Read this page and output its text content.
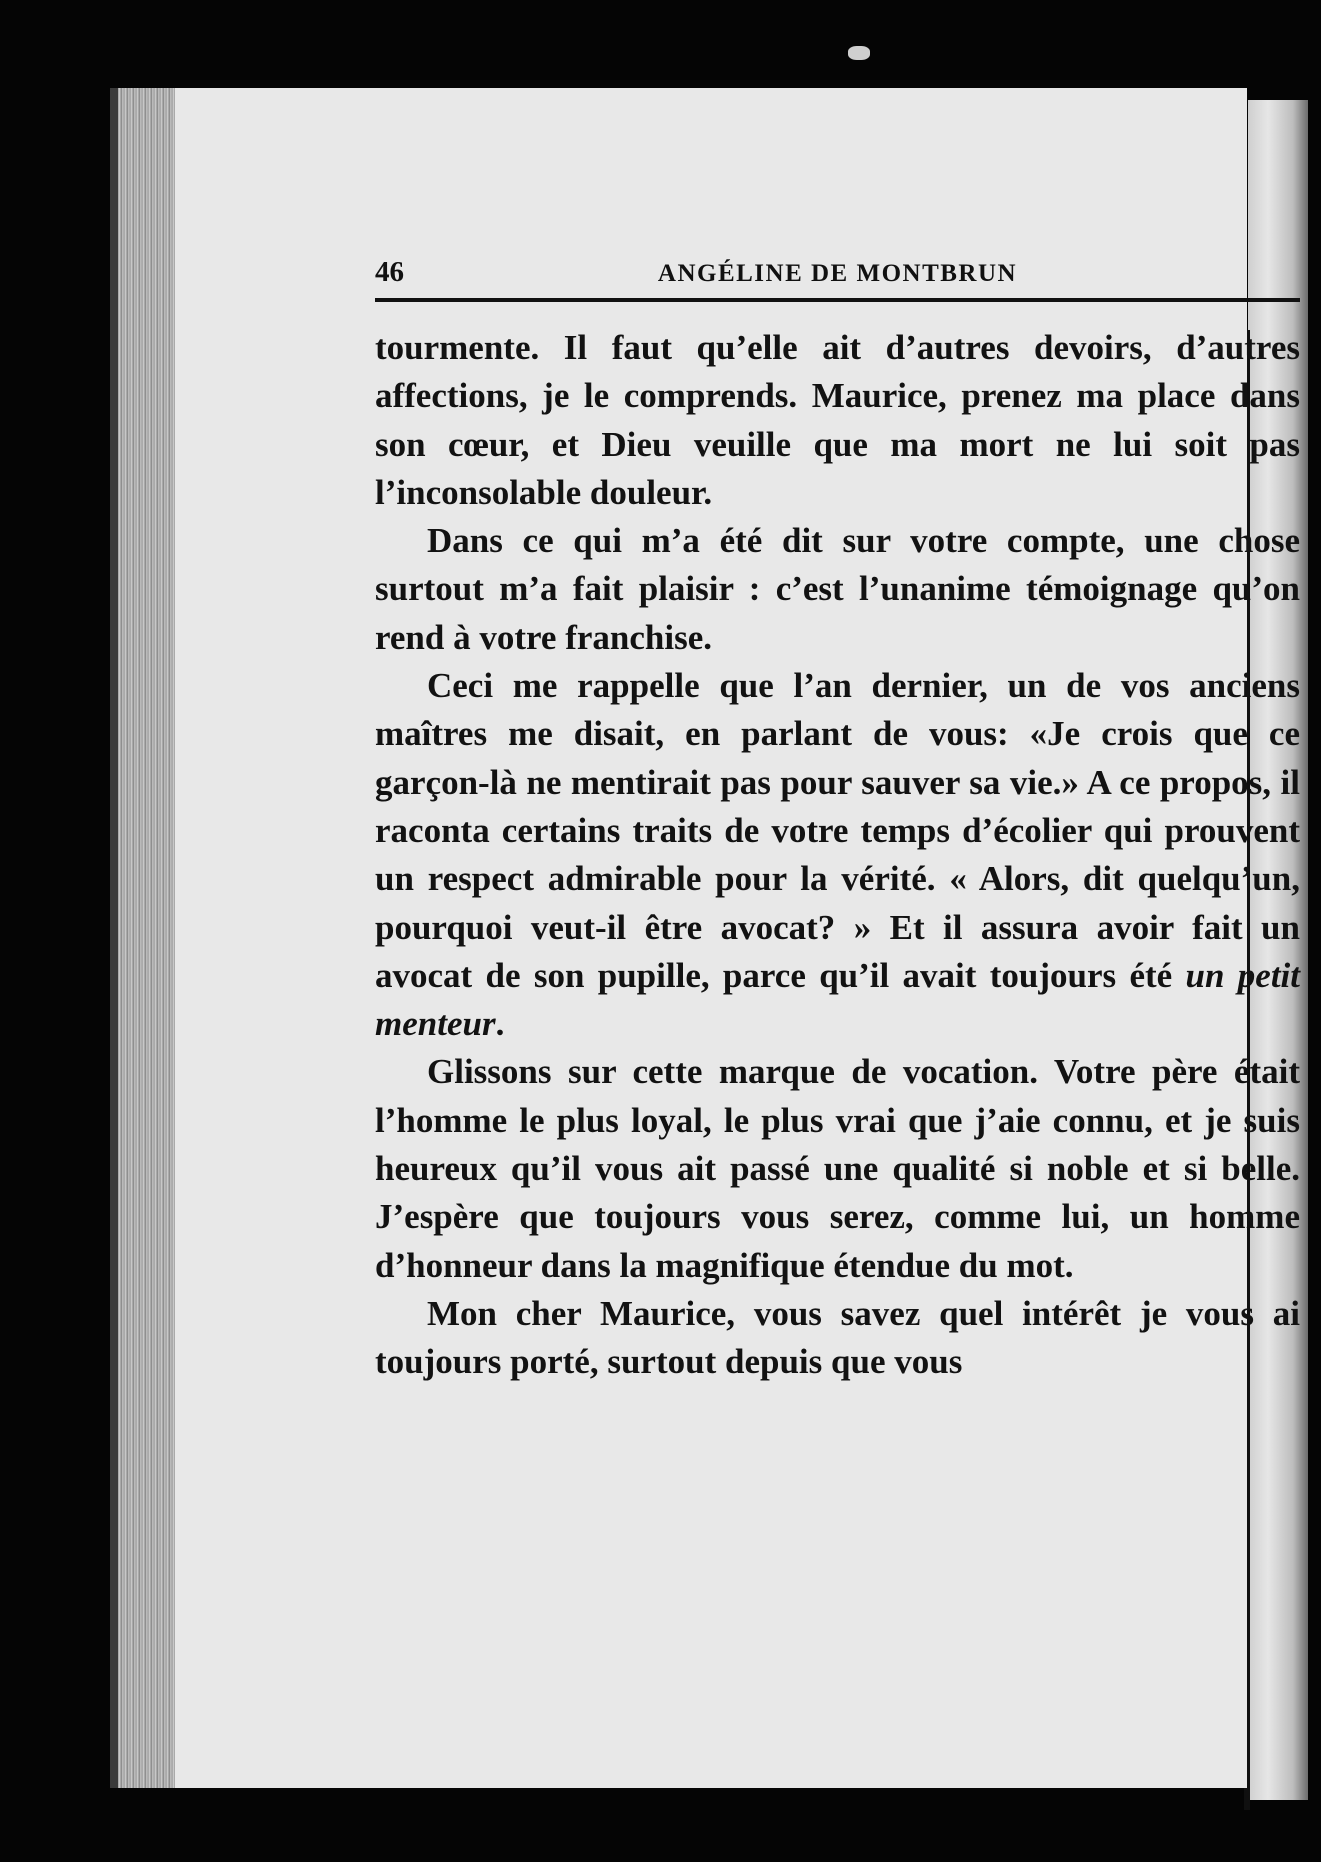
46	ANGÉLINE DE MONTBRUN

tourmente. Il faut qu’elle ait d’autres devoirs, d’autres affections, je le comprends. Maurice, prenez ma place dans son cœur, et Dieu veuille que ma mort ne lui soit pas l’inconsolable douleur.

Dans ce qui m’a été dit sur votre compte, une chose surtout m’a fait plaisir : c’est l’unanime témoignage qu’on rend à votre franchise.

Ceci me rappelle que l’an dernier, un de vos anciens maîtres me disait, en parlant de vous: «Je crois que ce garçon-là ne mentirait pas pour sauver sa vie.» A ce propos, il raconta certains traits de votre temps d’écolier qui prouvent un respect admirable pour la vérité. « Alors, dit quelqu’un, pourquoi veut-il être avocat? » Et il assura avoir fait un avocat de son pupille, parce qu’il avait toujours été un petit menteur.

Glissons sur cette marque de vocation. Votre père était l’homme le plus loyal, le plus vrai que j’aie connu, et je suis heureux qu’il vous ait passé une qualité si noble et si belle. J’espère que toujours vous serez, comme lui, un homme d’honneur dans la magnifique étendue du mot.

Mon cher Maurice, vous savez quel intérêt je vous ai toujours porté, surtout depuis que vous
